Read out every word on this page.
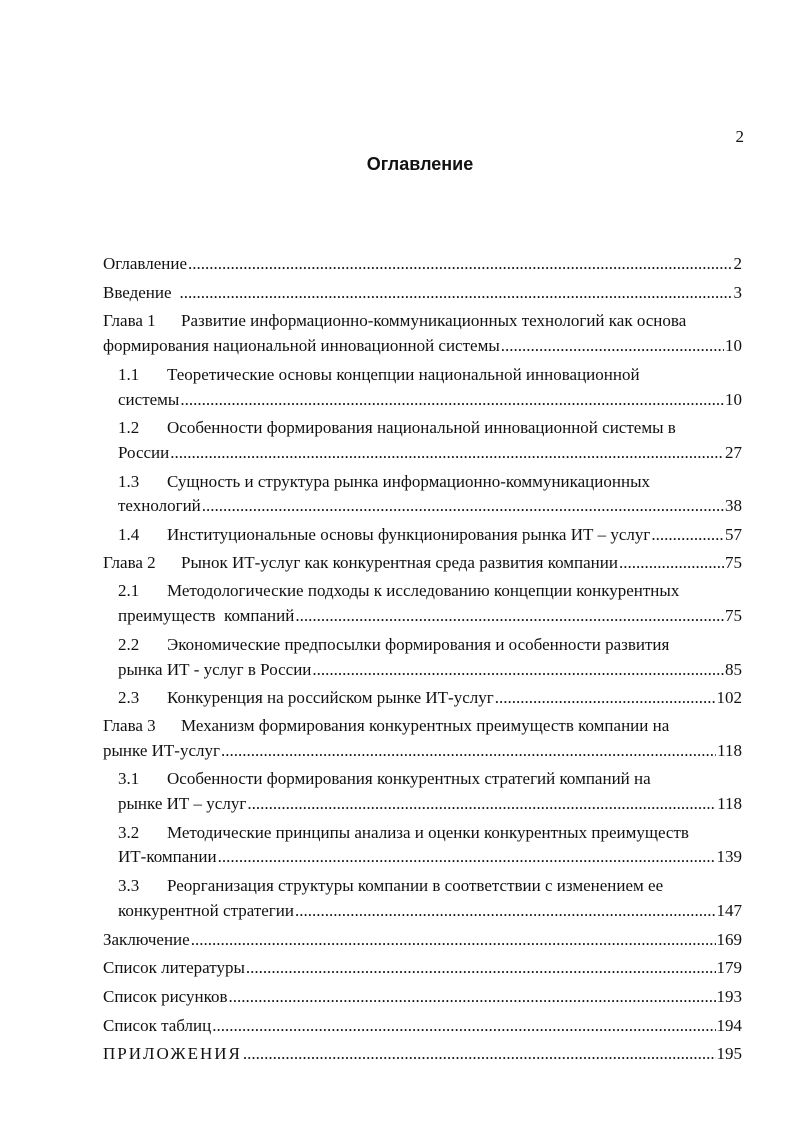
2
Оглавление
Оглавление .....	2
Введение .....	3
Глава 1 Развитие информационно-коммуникационных технологий как основа
формирования национальной инновационной системы .....	10
1.1 Теоретические основы концепции национальной инновационной
системы .....	10
1.2 Особенности формирования национальной инновационной системы в
России .....	27
1.3 Сущность и структура рынка информационно-коммуникационных
технологий .....	38
1.4	Институциональные основы функционирования рынка ИТ – услуг .....	57
Глава 2	Рынок ИТ-услуг как конкурентная среда развития компании .....	75
2.1 Методологические подходы к исследованию концепции конкурентных
преимуществ  компаний .....	75
2.2 Экономические предпосылки формирования и особенности развития
рынка ИТ - услуг в России .....	85
2.3	Конкуренция на российском рынке ИТ-услуг .....	102
Глава 3 Механизм формирования конкурентных преимуществ компании на
рынке ИТ-услуг .....	118
3.1 Особенности формирования конкурентных стратегий компаний на
рынке ИТ – услуг .....	118
3.2 Методические принципы анализа и оценки конкурентных преимуществ
ИТ-компании .....	139
3.3 Реорганизация структуры компании в соответствии с изменением ее
конкурентной стратегии .....	147
Заключение .....	169
Список литературы .....	179
Список рисунков .....	193
Список таблиц .....	194
ПРИЛОЖЕНИЯ .....	195
